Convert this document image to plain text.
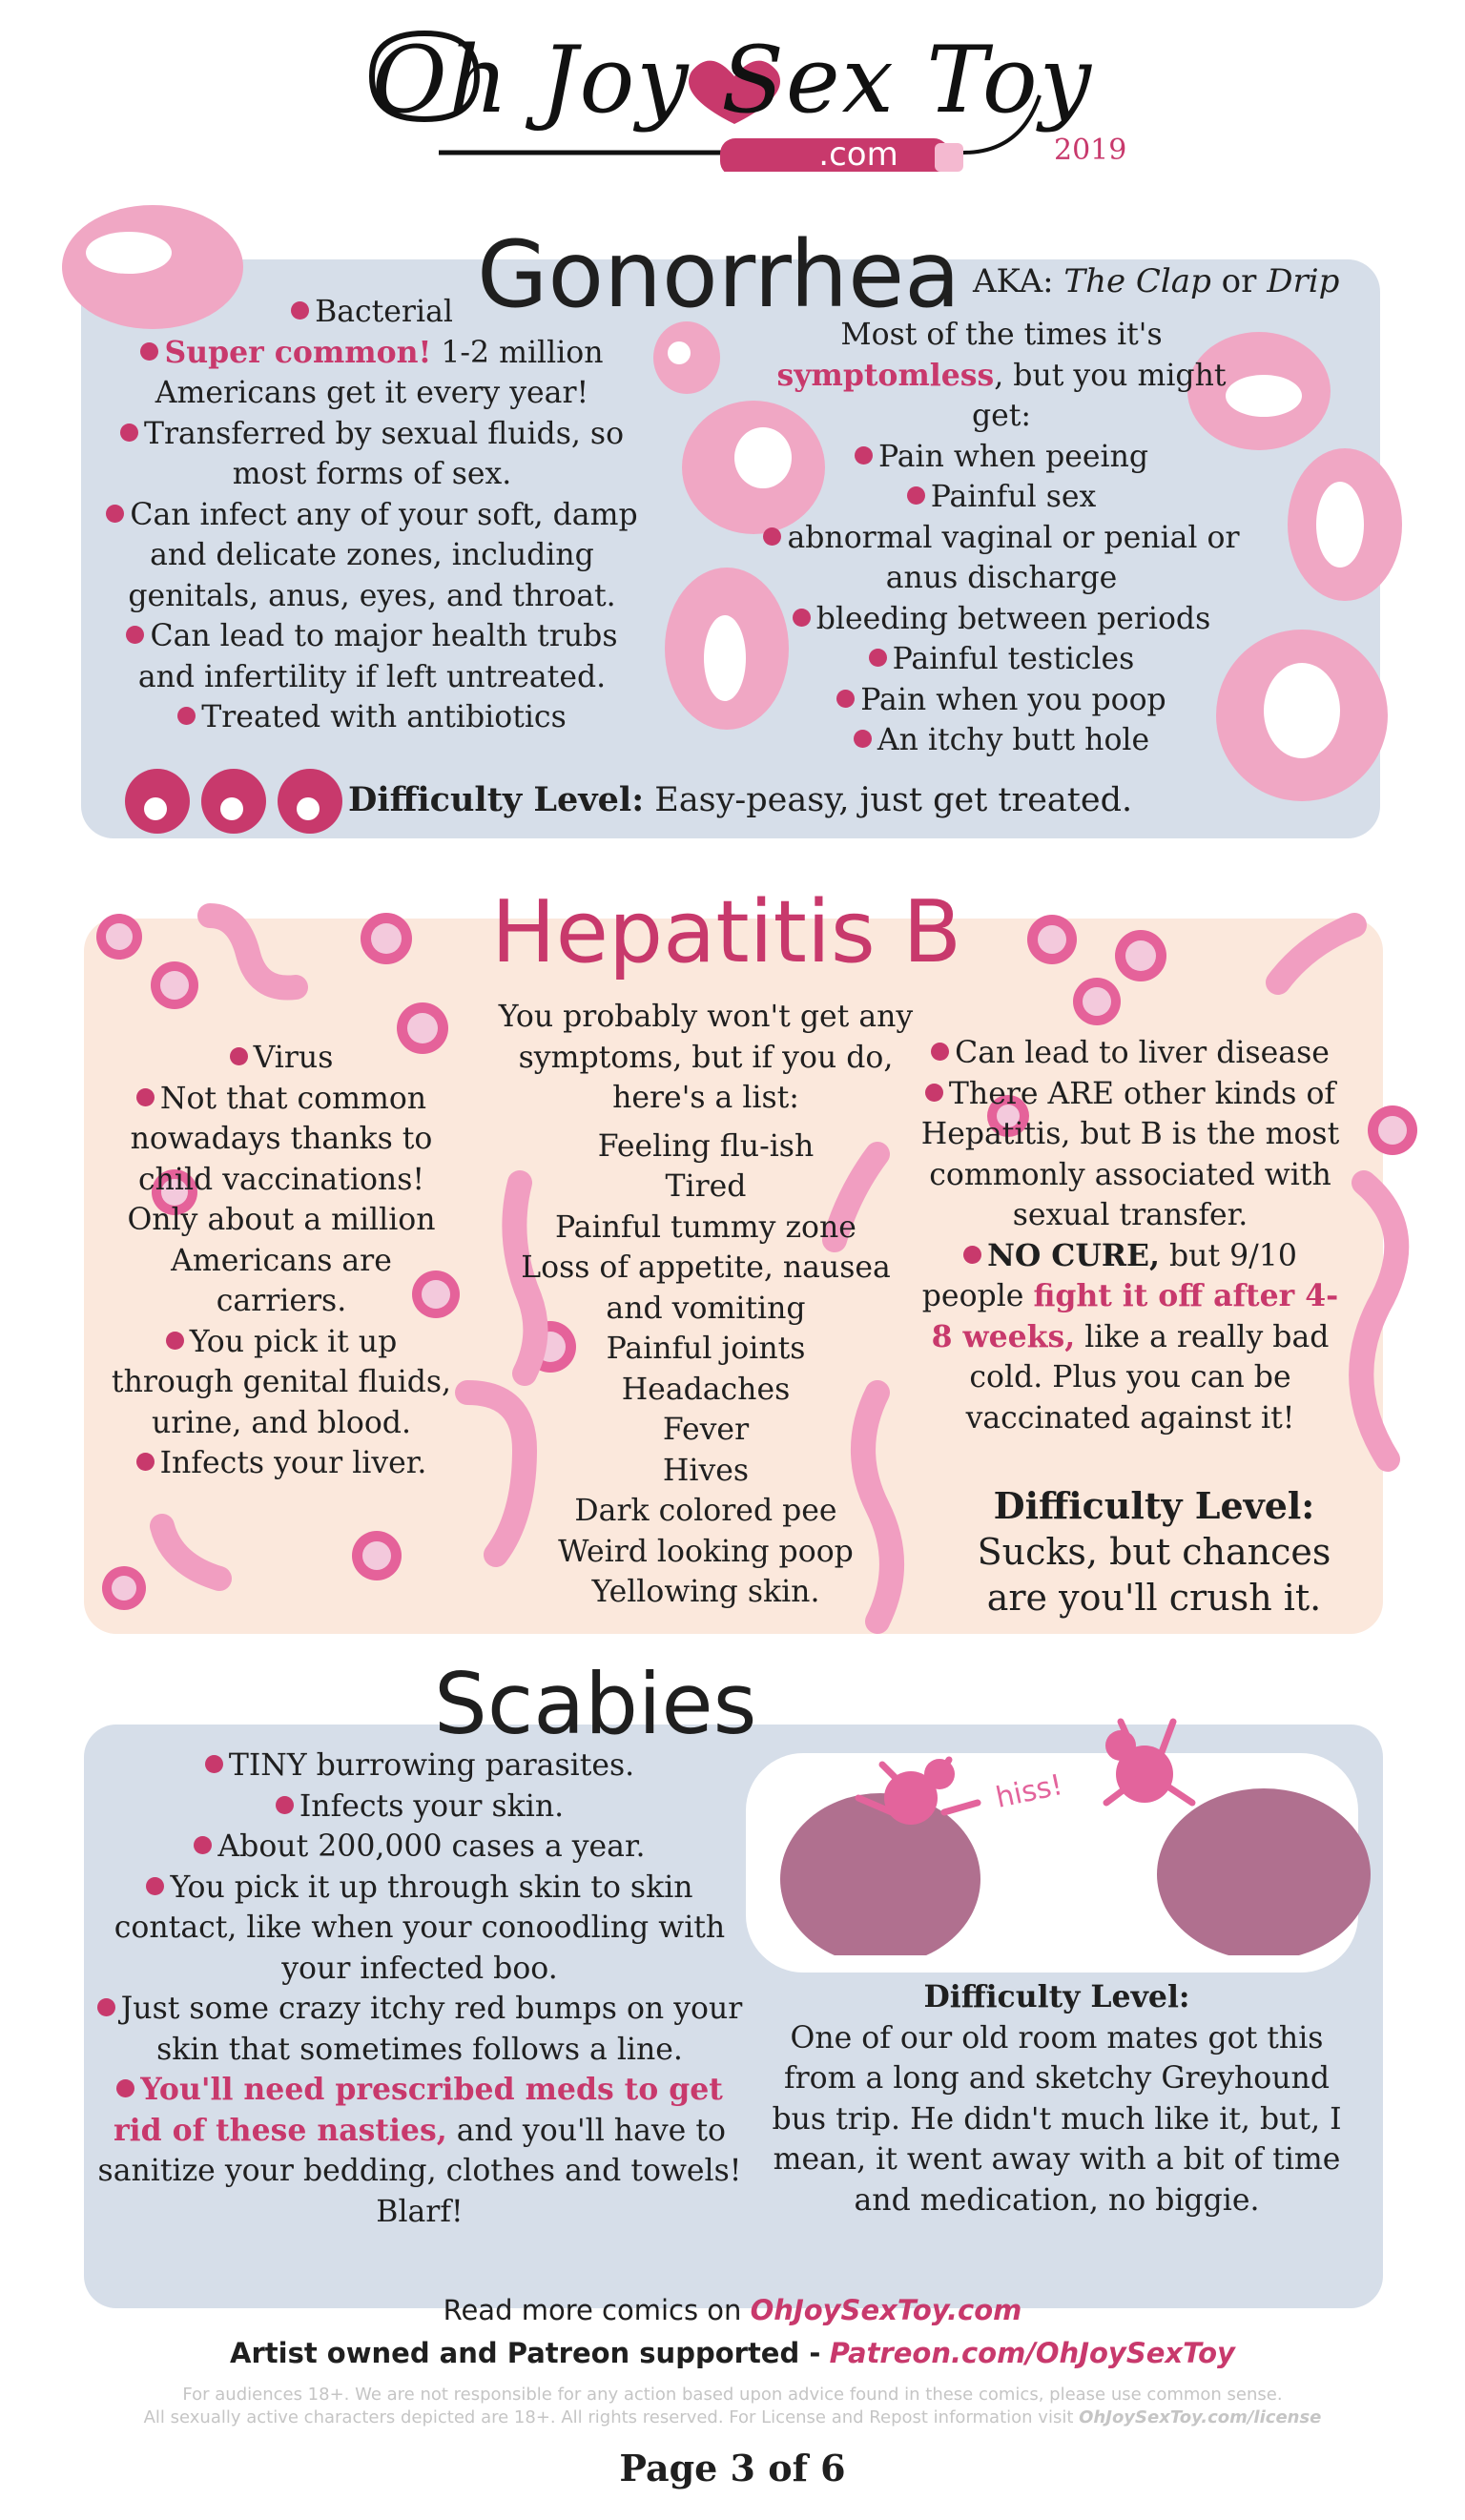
Oh Joy Sex Toy
.com	2019
Gonorrhea AKA: The Clap or Drip

Bacterial

Super common! 1-2 million Americans get it every year!

Transferred by sexual fluids, so most forms of sex.

Can infect any of your soft, damp and delicate zones, including genitals, anus, eyes, and throat.

Can lead to major health trubs and infertility if left untreated.

Treated with antibiotics

Most of the times it's symptomless, but you might get:

Pain when peeing

Painful sex

abnormal vaginal or penial or anus discharge

bleeding between periods

Painful testicles

Pain when you poop

An itchy butt hole

Difficulty Level: Easy-peasy, just get treated.
Hepatitis B

Virus

Not that common nowadays thanks to child vaccinations! Only about a million Americans are carriers.

You pick it up through genital fluids, urine, and blood.

Infects your liver.

You probably won't get any symptoms, but if you do, here's a list:

Feeling flu-ish

Tired

Painful tummy zone

Loss of appetite, nausea and vomiting

Painful joints

Headaches

Fever

Hives

Dark colored pee

Weird looking poop

Yellowing skin.

Can lead to liver disease

There ARE other kinds of Hepatitis, but B is the most commonly associated with sexual transfer.

NO CURE, but 9/10 people fight it off after 4-8 weeks, like a really bad cold. Plus you can be vaccinated against it!

Difficulty Level:
Sucks, but chances are you'll crush it.
Scabies

TINY burrowing parasites.

Infects your skin.

About 200,000 cases a year.

You pick it up through skin to skin contact, like when your conoodling with your infected boo.

Just some crazy itchy red bumps on your skin that sometimes follows a line.

You'll need prescribed meds to get rid of these nasties, and you'll have to sanitize your bedding, clothes and towels! Blarf!

hiss!
Difficulty Level:
One of our old room mates got this from a long and sketchy Greyhound bus trip. He didn't much like it, but, I mean, it went away with a bit of time and medication, no biggie.
Read more comics on OhJoySexToy.com
Artist owned and Patreon supported - Patreon.com/OhJoySexToy
For audiences 18+. We are not responsible for any action based upon advice found in these comics, please use common sense.
All sexually active characters depicted are 18+. All rights reserved. For License and Repost information visit OhJoySexToy.com/license
Page 3 of 6
